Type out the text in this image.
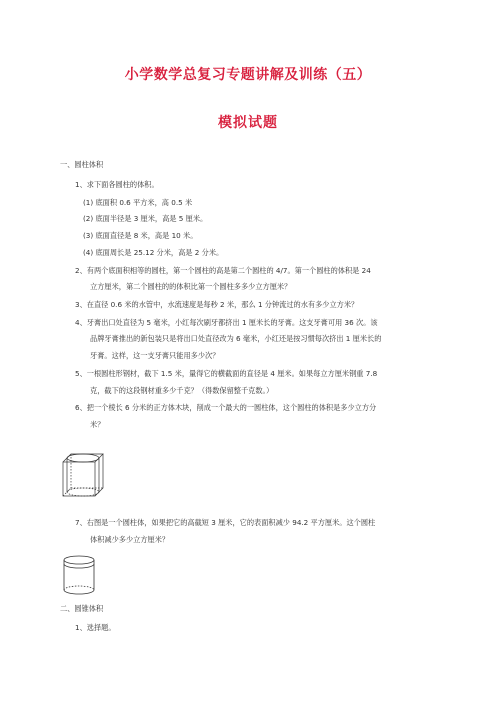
小学数学总复习专题讲解及训练（五）
模拟试题
一、圆柱体积
1、求下面各圆柱的体积。
(1) 底面积 0.6 平方米，高 0.5 米
(2) 底面半径是 3 厘米，高是 5 厘米。
(3) 底面直径是 8 米，高是 10 米。
(4) 底面周长是 25.12 分米，高是 2 分米。
2、有两个底面积相等的圆柱，第一个圆柱的高是第二个圆柱的 4/7。第一个圆柱的体积是 24
立方厘米，第二个圆柱的的体积比第一个圆柱多多少立方厘米？
3、在直径 0.6 米的水管中，水流速度是每秒 2 米，那么 1 分钟流过的水有多少立方米？
4、牙膏出口处直径为 5 毫米，小红每次刷牙都挤出 1 厘米长的牙膏。这支牙膏可用 36 次。该
品牌牙膏推出的新包装只是将出口处直径改为 6 毫米，小红还是按习惯每次挤出 1 厘米长的
牙膏。这样，这一支牙膏只能用多少次？
5、一根圆柱形钢材，截下 1.5 米，量得它的横截面的直径是 4 厘米。如果每立方厘米钢重 7.8
克，截下的这段钢材重多少千克？（得数保留整千克数。）
6、把一个棱长 6 分米的正方体木块，削成一个最大的一圆柱体，这个圆柱的体积是多少立方分
米？
7、右图是一个圆柱体，如果把它的高截短 3 厘米，它的表面积减少 94.2 平方厘米。这个圆柱
体积减少多少立方厘米？
二、圆锥体积
1、选择题。
